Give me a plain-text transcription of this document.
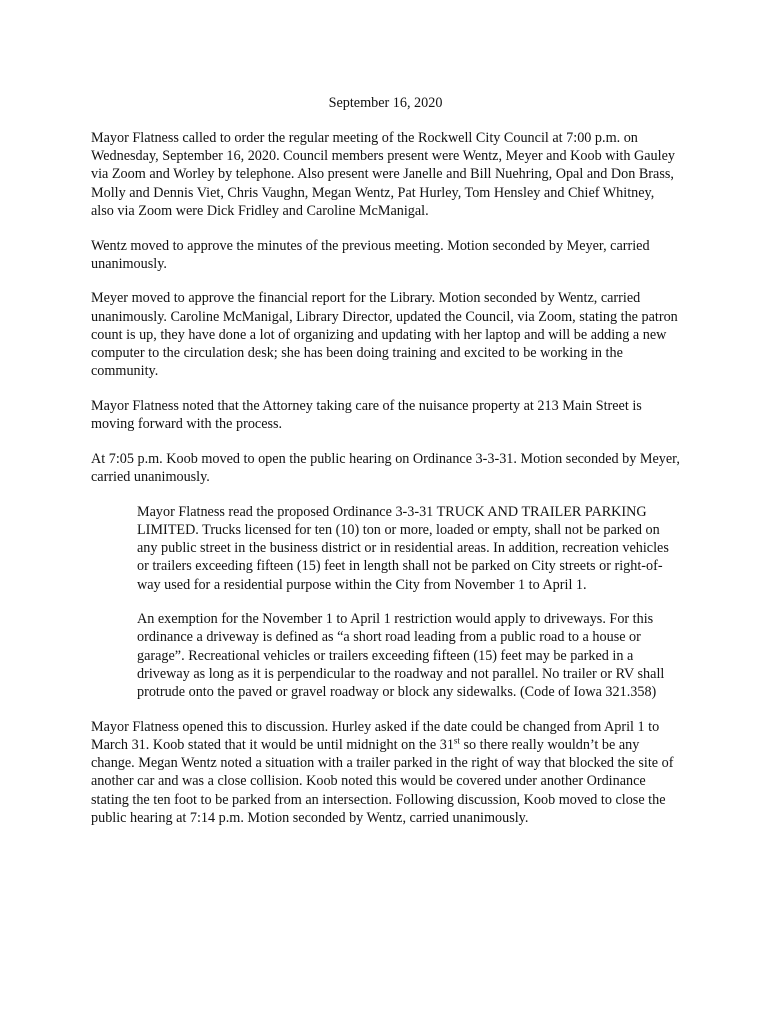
September 16, 2020

Mayor Flatness called to order the regular meeting of the Rockwell City Council at 7:00 p.m. on Wednesday, September 16, 2020. Council members present were Wentz, Meyer and Koob with Gauley via Zoom and Worley by telephone. Also present were Janelle and Bill Nuehring, Opal and Don Brass, Molly and Dennis Viet, Chris Vaughn, Megan Wentz, Pat Hurley, Tom Hensley and Chief Whitney, also via Zoom were Dick Fridley and Caroline McManigal.

Wentz moved to approve the minutes of the previous meeting. Motion seconded by Meyer, carried unanimously.

Meyer moved to approve the financial report for the Library. Motion seconded by Wentz, carried unanimously. Caroline McManigal, Library Director, updated the Council, via Zoom, stating the patron count is up, they have done a lot of organizing and updating with her laptop and will be adding a new computer to the circulation desk; she has been doing training and excited to be working in the community.

Mayor Flatness noted that the Attorney taking care of the nuisance property at 213 Main Street is moving forward with the process.

At 7:05 p.m. Koob moved to open the public hearing on Ordinance 3-3-31. Motion seconded by Meyer, carried unanimously.

Mayor Flatness read the proposed Ordinance 3-3-31 TRUCK AND TRAILER PARKING LIMITED. Trucks licensed for ten (10) ton or more, loaded or empty, shall not be parked on any public street in the business district or in residential areas. In addition, recreation vehicles or trailers exceeding fifteen (15) feet in length shall not be parked on City streets or right-of-way used for a residential purpose within the City from November 1 to April 1.

An exemption for the November 1 to April 1 restriction would apply to driveways. For this ordinance a driveway is defined as “a short road leading from a public road to a house or garage”. Recreational vehicles or trailers exceeding fifteen (15) feet may be parked in a driveway as long as it is perpendicular to the roadway and not parallel. No trailer or RV shall protrude onto the paved or gravel roadway or block any sidewalks. (Code of Iowa 321.358)

Mayor Flatness opened this to discussion. Hurley asked if the date could be changed from April 1 to March 31. Koob stated that it would be until midnight on the 31st so there really wouldn’t be any change. Megan Wentz noted a situation with a trailer parked in the right of way that blocked the site of another car and was a close collision. Koob noted this would be covered under another Ordinance stating the ten foot to be parked from an intersection. Following discussion, Koob moved to close the public hearing at 7:14 p.m. Motion seconded by Wentz, carried unanimously.
